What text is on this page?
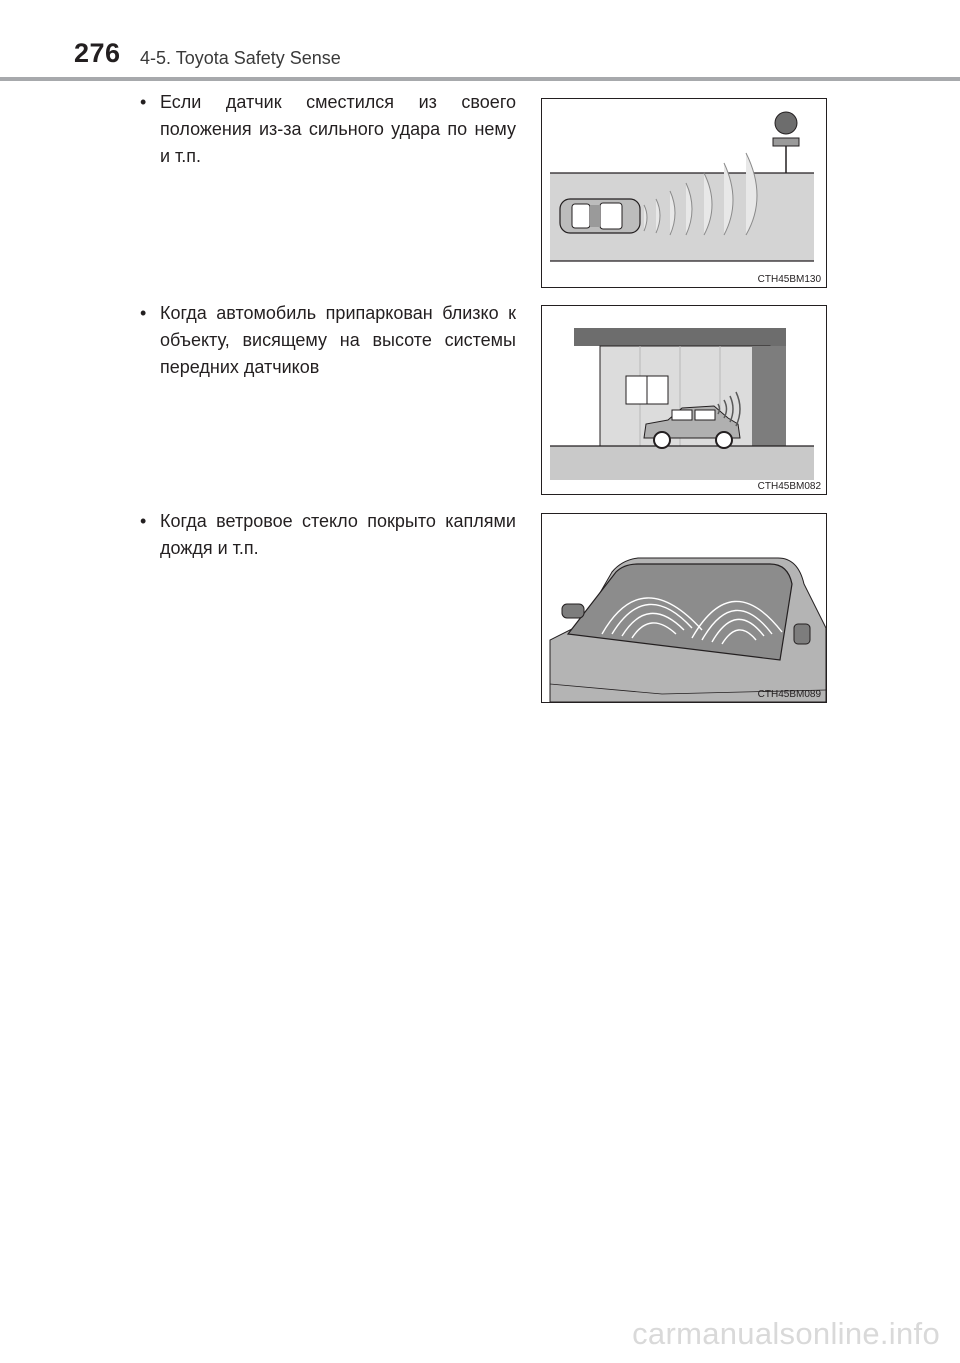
276 4-5. Toyota Safety Sense
• Если датчик сместился из своего положения из-за сильного удара по нему и т.п.
CTH45BM130
• Когда автомобиль припаркован близко к объекту, висящему на высоте системы передних датчиков
CTH45BM082
• Когда ветровое стекло покрыто каплями дождя и т.п.
CTH45BM089
carmanualsonline.info
